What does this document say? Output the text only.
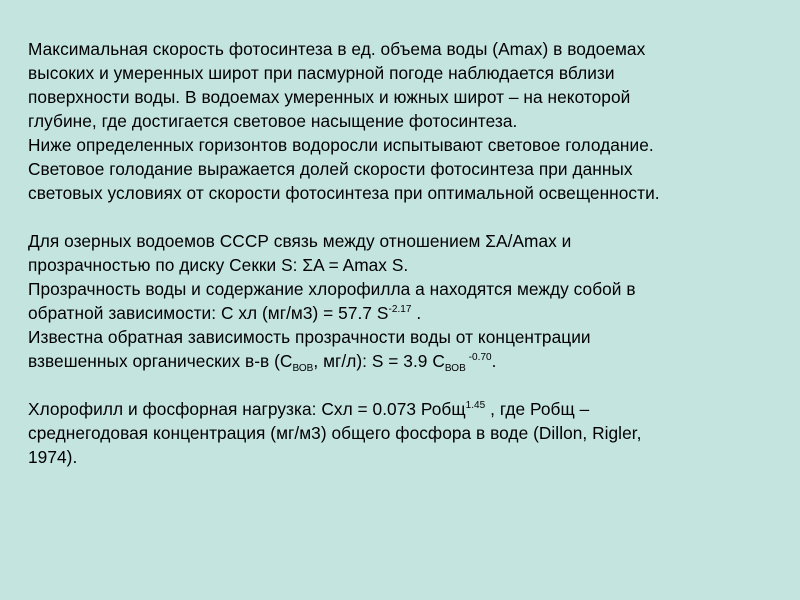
Максимальная скорость фотосинтеза в ед. объема воды (Amax) в водоемах
высоких и умеренных широт при пасмурной погоде наблюдается вблизи
поверхности воды. В водоемах умеренных и южных широт – на некоторой
глубине, где достигается световое насыщение фотосинтеза.
Ниже определенных горизонтов водоросли испытывают световое голодание.
Световое голодание выражается долей скорости фотосинтеза при данных
световых условиях от скорости фотосинтеза при оптимальной освещенности.
Для озерных водоемов СССР связь между отношением ΣA/Amax и
прозрачностью по диску Секки S: ΣA = Amax S.
Прозрачность воды и содержание хлорофилла а находятся между собой в
обратной зависимости: С хл (мг/м3) = 57.7 $S^{-2.17}$ .
Известна обратная зависимость прозрачности воды от концентрации
взвешенных органических в-в ($С_{ВОВ}$, мг/л): S = 3.9 $С_{ВОВ}$ $^{-0.70}$.
Хлорофилл и фосфорная нагрузка: Схл = 0.073 Робщ$^{1.45}$ , где Робщ –
среднегодовая концентрация (мг/м3) общего фосфора в воде (Dillon, Rigler,
1974).
